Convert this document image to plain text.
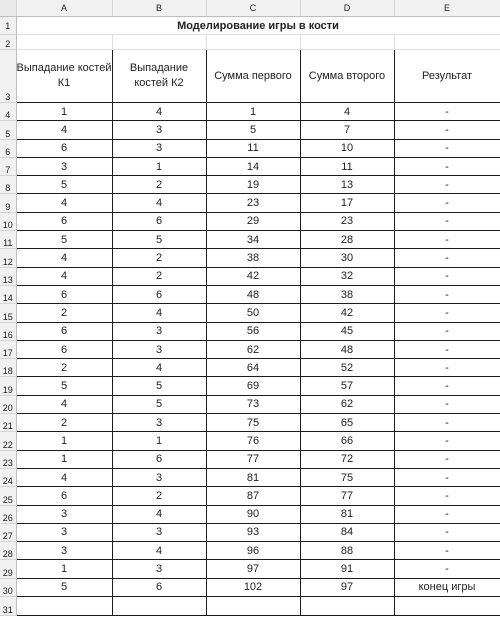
	A	B	C	D	E
1	Моделирование игры в кости				
2					
3	Выпадание костей К1	Выпадание костей К2	Сумма первого	Сумма второго	Результат
4	1	4	1	4	-
5	4	3	5	7	-
6	6	3	11	10	-
7	3	1	14	11	-
8	5	2	19	13	-
9	4	4	23	17	-
10	6	6	29	23	-
11	5	5	34	28	-
12	4	2	38	30	-
13	4	2	42	32	-
14	6	6	48	38	-
15	2	4	50	42	-
16	6	3	56	45	-
17	6	3	62	48	-
18	2	4	64	52	-
19	5	5	69	57	-
20	4	5	73	62	-
21	2	3	75	65	-
22	1	1	76	66	-
23	1	6	77	72	-
24	4	3	81	75	-
25	6	2	87	77	-
26	3	4	90	81	-
27	3	3	93	84	-
28	3	4	96	88	-
29	1	3	97	91	-
30	5	6	102	97	конец игры
31					
